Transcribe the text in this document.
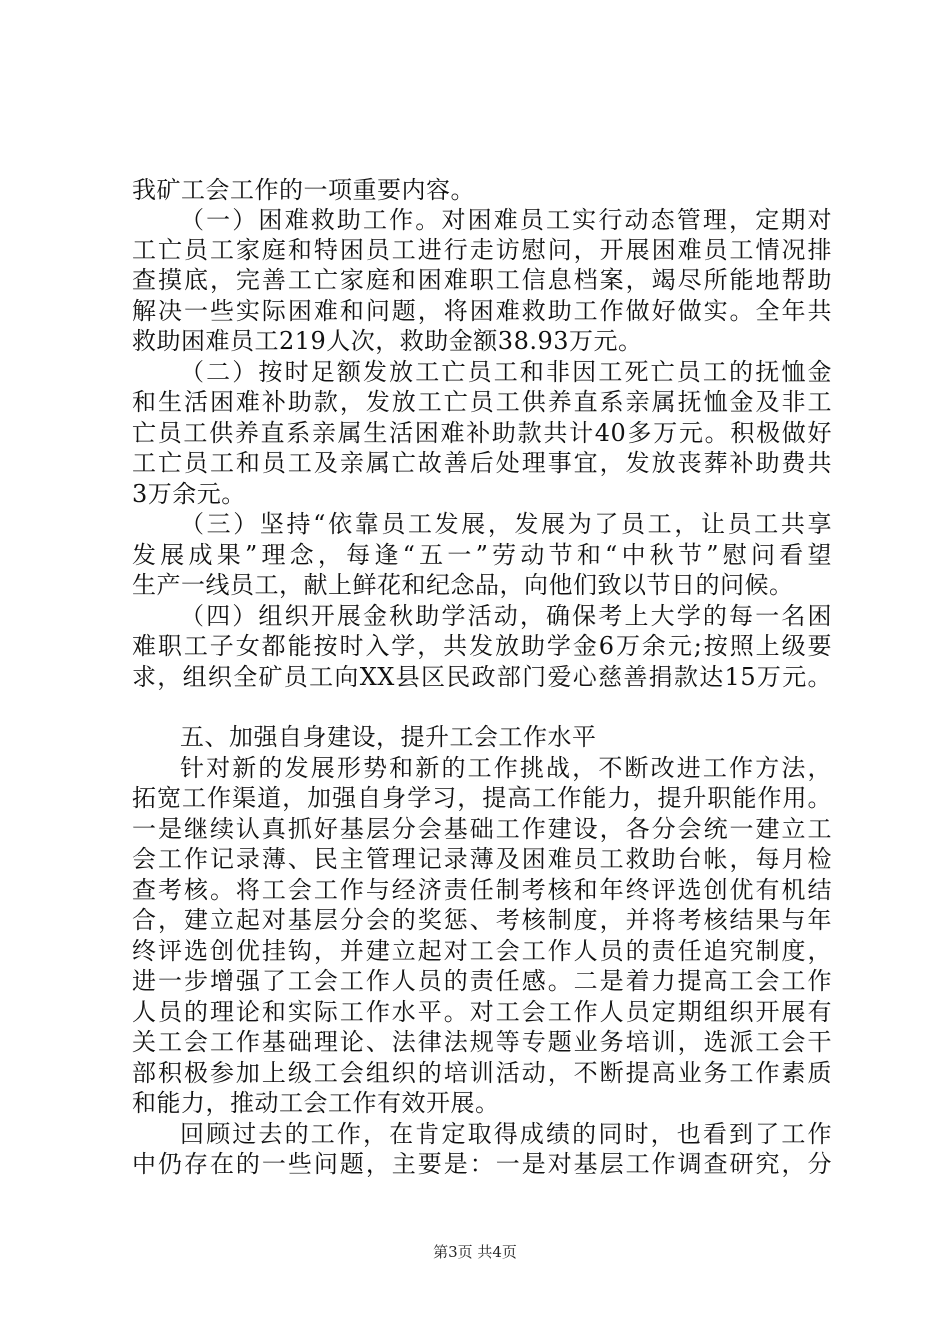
我矿工会工作的一项重要内容。
（一）困难救助工作。对困难员工实行动态管理，定期对
工亡员工家庭和特困员工进行走访慰问，开展困难员工情况排
查摸底，完善工亡家庭和困难职工信息档案，竭尽所能地帮助
解决一些实际困难和问题，将困难救助工作做好做实。全年共
救助困难员工219人次，救助金额38.93万元。
（二）按时足额发放工亡员工和非因工死亡员工的抚恤金
和生活困难补助款，发放工亡员工供养直系亲属抚恤金及非工
亡员工供养直系亲属生活困难补助款共计40多万元。积极做好
工亡员工和员工及亲属亡故善后处理事宜，发放丧葬补助费共
3万余元。
（三）坚持“依靠员工发展，发展为了员工，让员工共享
发展成果”理念，每逢“五一”劳动节和“中秋节”慰问看望
生产一线员工，献上鲜花和纪念品，向他们致以节日的问候。
（四）组织开展金秋助学活动，确保考上大学的每一名困
难职工子女都能按时入学，共发放助学金6万余元;按照上级要
求，组织全矿员工向XX县区民政部门爱心慈善捐款达15万元。
五、加强自身建设，提升工会工作水平
针对新的发展形势和新的工作挑战，不断改进工作方法，
拓宽工作渠道，加强自身学习，提高工作能力，提升职能作用。
一是继续认真抓好基层分会基础工作建设，各分会统一建立工
会工作记录薄、民主管理记录薄及困难员工救助台帐，每月检
查考核。将工会工作与经济责任制考核和年终评选创优有机结
合，建立起对基层分会的奖惩、考核制度，并将考核结果与年
终评选创优挂钩，并建立起对工会工作人员的责任追究制度，
进一步增强了工会工作人员的责任感。二是着力提高工会工作
人员的理论和实际工作水平。对工会工作人员定期组织开展有
关工会工作基础理论、法律法规等专题业务培训，选派工会干
部积极参加上级工会组织的培训活动，不断提高业务工作素质
和能力，推动工会工作有效开展。
回顾过去的工作，在肯定取得成绩的同时，也看到了工作
中仍存在的一些问题，主要是：一是对基层工作调查研究，分
第3页 共4页
